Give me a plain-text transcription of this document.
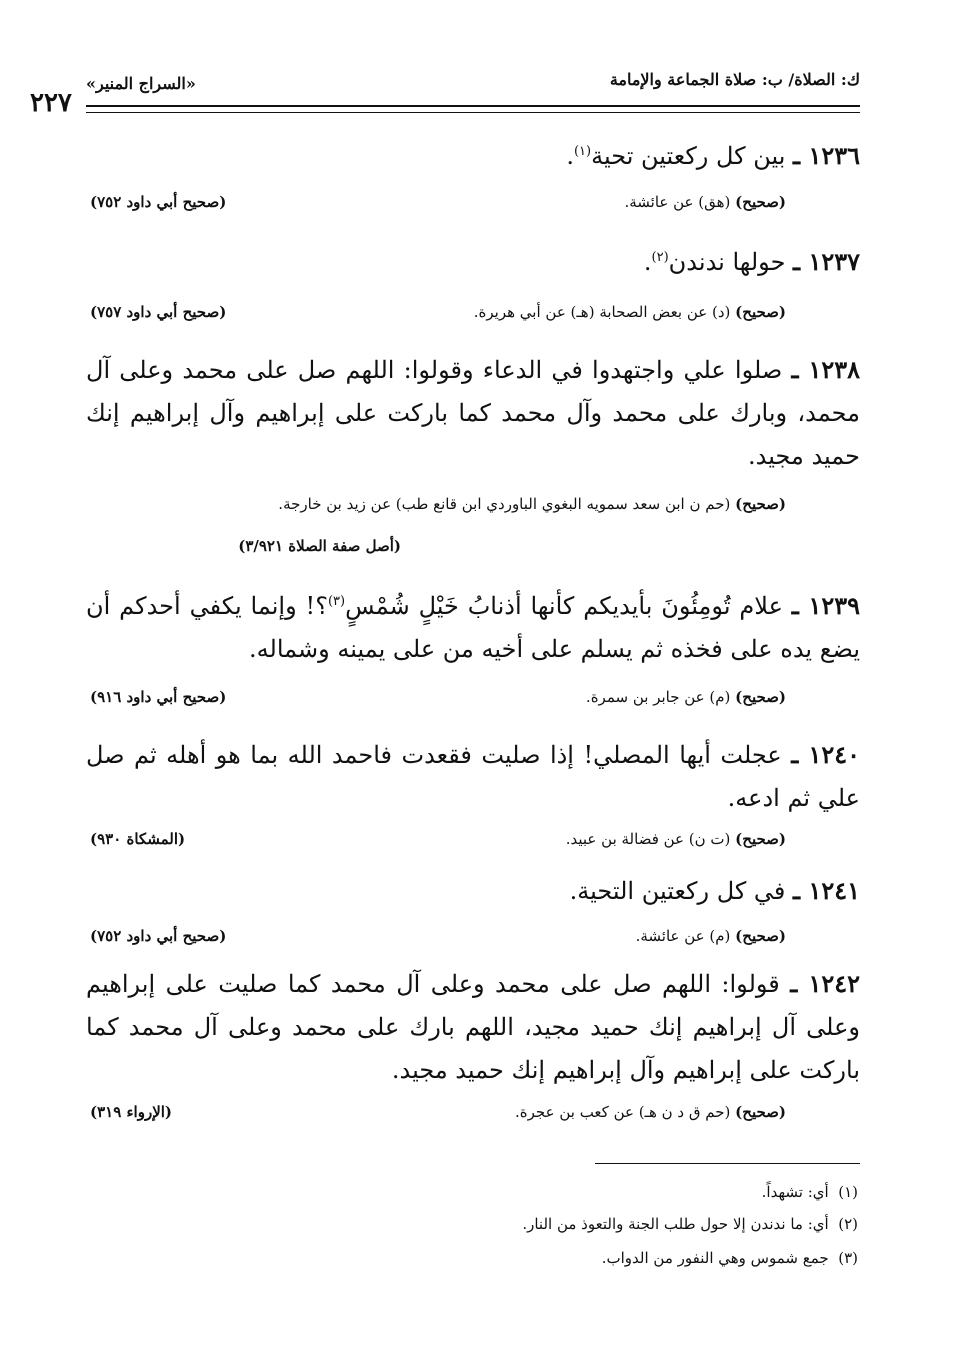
٢٢٧
«السراج المنير»	ك: الصلاة/ ب: صلاة الجماعة والإمامة
١٢٣٦ ـ بين كل ركعتين تحية$^{(١)}$.
(صحيح) (هق) عن عائشة.
(صحيح أبي داود ٧٥٢)
١٢٣٧ ـ حولها ندندن$^{(٢)}$.
(صحيح) (د) عن بعض الصحابة (هـ) عن أبي هريرة.
(صحيح أبي داود ٧٥٧)
١٢٣٨ ـ صلوا علي واجتهدوا في الدعاء وقولوا: اللهم صل على محمد وعلى آل محمد، وبارك على محمد وآل محمد كما باركت على إبراهيم وآل إبراهيم إنك حميد مجيد.
(صحيح) (حم ن ابن سعد سمويه البغوي الباوردي ابن قانع طب) عن زيد بن خارجة.
(أصل صفة الصلاة ٣/٩٢١)
١٢٣٩ ـ علام تُومِئُونَ بأيديكم كأنها أذنابُ خَيْلٍ شُمْسٍ$^{(٣)}$؟! وإنما يكفي أحدكم أن يضع يده على فخذه ثم يسلم على أخيه من على يمينه وشماله.
(صحيح) (م) عن جابر بن سمرة.
(صحيح أبي داود ٩١٦)
١٢٤٠ ـ عجلت أيها المصلي! إذا صليت فقعدت فاحمد الله بما هو أهله ثم صل علي ثم ادعه.
(صحيح) (ت ن) عن فضالة بن عبيد.
(المشكاة ٩٣٠)
١٢٤١ ـ في كل ركعتين التحية.
(صحيح) (م) عن عائشة.
(صحيح أبي داود ٧٥٢)
١٢٤٢ ـ قولوا: اللهم صل على محمد وعلى آل محمد كما صليت على إبراهيم وعلى آل إبراهيم إنك حميد مجيد، اللهم بارك على محمد وعلى آل محمد كما باركت على إبراهيم وآل إبراهيم إنك حميد مجيد.
(صحيح) (حم ق د ن هـ) عن كعب بن عجرة.
(الإرواء ٣١٩)
(١)  أي: تشهداً.
(٢)  أي: ما ندندن إلا حول طلب الجنة والتعوذ من النار.
(٣)  جمع شموس وهي النفور من الدواب.
